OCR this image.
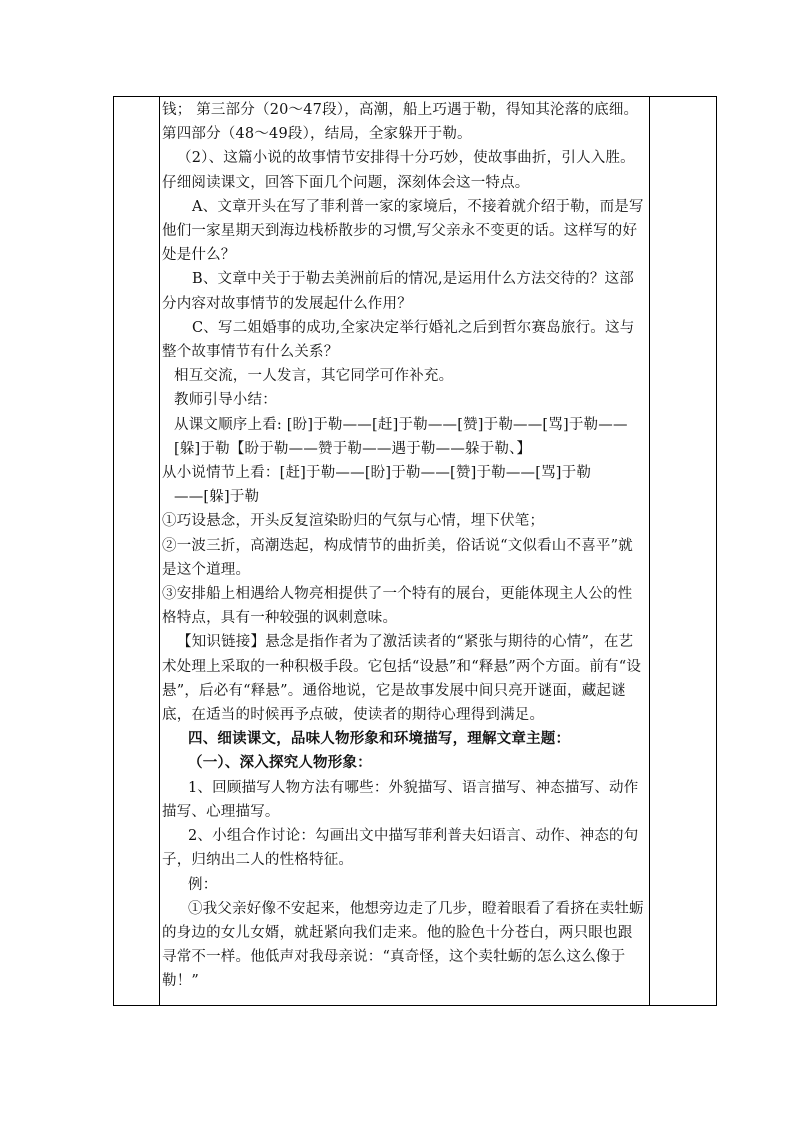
钱； 第三部分（20～47段），高潮，船上巧遇于勒，得知其沦落的底细。 第四部分（48～49段），结局，全家躲开于勒。

（2）、这篇小说的故事情节安排得十分巧妙，使故事曲折，引人入胜。仔细阅读课文，回答下面几个问题，深刻体会这一特点。

A、文章开头在写了菲利普一家的家境后，不接着就介绍于勒，而是写他们一家星期天到海边栈桥散步的习惯,写父亲永不变更的话。这样写的好处是什么？

B、文章中关于于勒去美洲前后的情况,是运用什么方法交待的？这部分内容对故事情节的发展起什么作用？

C、写二姐婚事的成功,全家决定举行婚礼之后到哲尔赛岛旅行。这与整个故事情节有什么关系？

相互交流，一人发言，其它同学可作补充。

教师引导小结：

从课文顺序上看: [盼]于勒——[赶]于勒——[赞]于勒——[骂]于勒——[躲]于勒【盼于勒——赞于勒——遇于勒——躲于勒、】

从小说情节上看：[赶]于勒——[盼]于勒——[赞]于勒——[骂]于勒

——[躲]于勒

①巧设悬念，开头反复渲染盼归的气氛与心情，埋下伏笔；

②一波三折，高潮迭起，构成情节的曲折美，俗话说“文似看山不喜平”就是这个道理。

③安排船上相遇给人物亮相提供了一个特有的展台，更能体现主人公的性格特点，具有一种较强的讽刺意味。

【知识链接】悬念是指作者为了激活读者的“紧张与期待的心情”，在艺术处理上采取的一种积极手段。它包括“设悬”和“释悬”两个方面。前有“设悬”，后必有“释悬”。通俗地说，它是故事发展中间只亮开谜面，藏起谜底，在适当的时候再予点破，使读者的期待心理得到满足。

四、细读课文，品味人物形象和环境描写，理解文章主题：

（一）、深入探究人物形象：

1、回顾描写人物方法有哪些：外貌描写、语言描写、神态描写、动作描写、心理描写。

2、小组合作讨论：勾画出文中描写菲利普夫妇语言、动作、神态的句子，归纳出二人的性格特征。

例：

①我父亲好像不安起来，他想旁边走了几步，瞪着眼看了看挤在卖牡蛎的身边的女儿女婿，就赶紧向我们走来。他的脸色十分苍白，两只眼也跟寻常不一样。他低声对我母亲说：“真奇怪，这个卖牡蛎的怎么这么像于勒！”
